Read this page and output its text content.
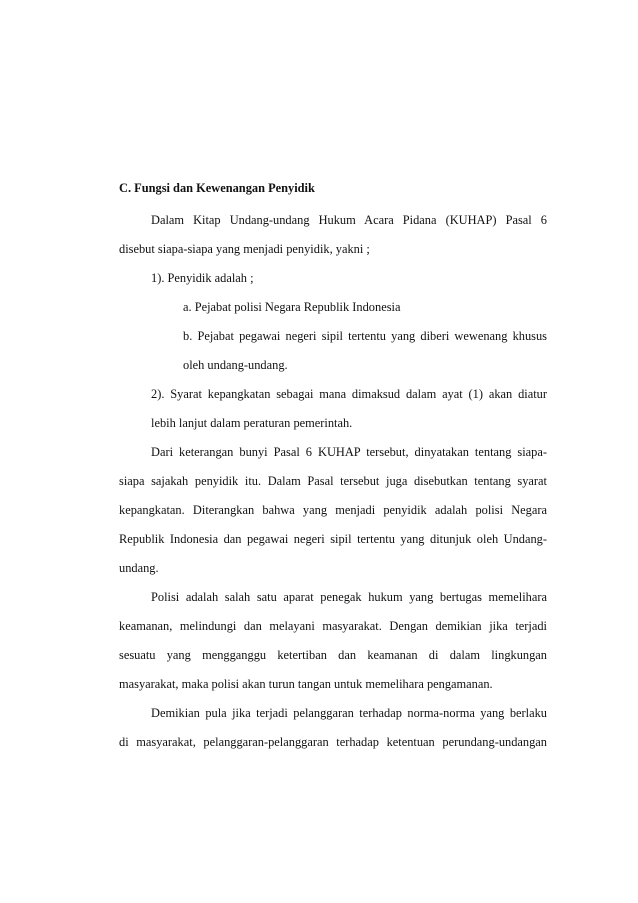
C. Fungsi dan Kewenangan Penyidik
Dalam Kitap Undang-undang Hukum Acara Pidana (KUHAP) Pasal 6
disebut siapa-siapa yang menjadi penyidik, yakni ;
1). Penyidik adalah ;
a. Pejabat polisi Negara Republik Indonesia
b. Pejabat pegawai negeri sipil tertentu yang diberi wewenang khusus
oleh undang-undang.
2). Syarat kepangkatan sebagai mana dimaksud dalam ayat (1) akan diatur
lebih lanjut dalam peraturan pemerintah.
Dari keterangan bunyi Pasal 6 KUHAP tersebut, dinyatakan tentang siapa-
siapa sajakah penyidik itu. Dalam Pasal tersebut juga disebutkan tentang syarat
kepangkatan. Diterangkan bahwa yang menjadi penyidik adalah polisi Negara
Republik Indonesia dan pegawai negeri sipil tertentu yang ditunjuk oleh Undang-
undang.
Polisi adalah salah satu aparat penegak hukum yang bertugas memelihara
keamanan, melindungi dan melayani masyarakat. Dengan demikian jika terjadi
sesuatu yang mengganggu ketertiban dan keamanan di dalam lingkungan
masyarakat, maka polisi akan turun tangan untuk memelihara pengamanan.
Demikian pula jika terjadi pelanggaran terhadap norma-norma yang berlaku
di masyarakat, pelanggaran-pelanggaran terhadap ketentuan perundang-undangan
